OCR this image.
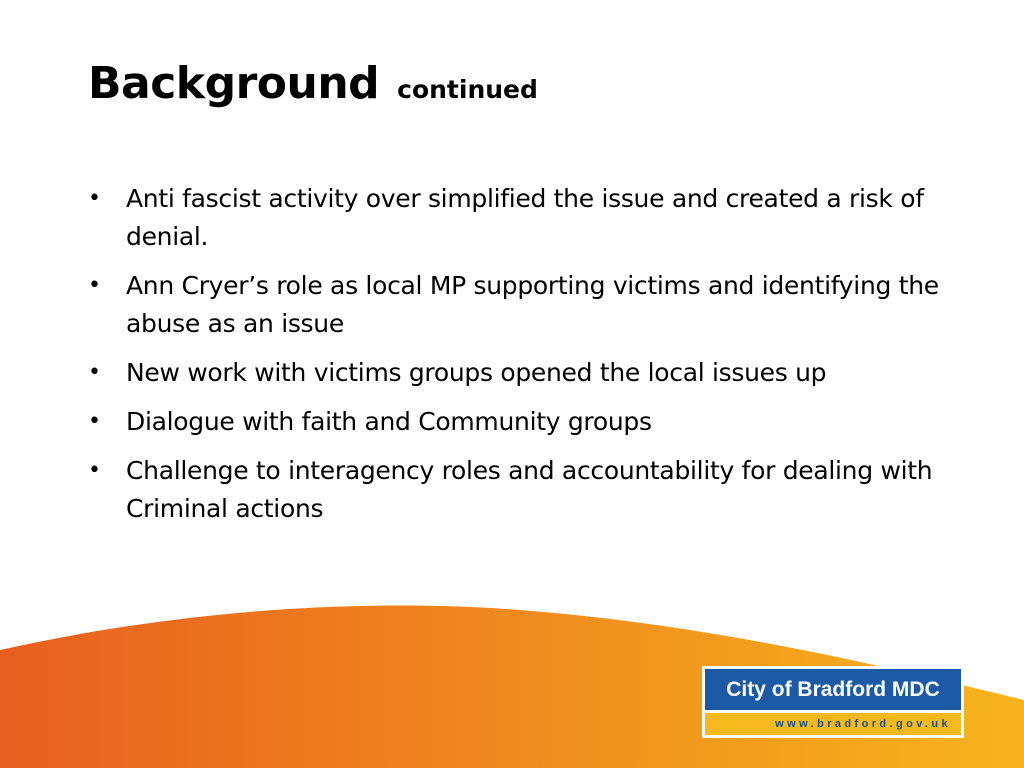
Background continued
• Anti fascist activity over simplified the issue and created a risk of denial.
• Ann Cryer’s role as local MP supporting victims and identifying the abuse as an issue
• New work with victims groups opened the local issues up
• Dialogue with faith and Community groups
• Challenge to interagency roles and accountability for dealing with Criminal actions
City of Bradford MDC
www.bradford.gov.uk
